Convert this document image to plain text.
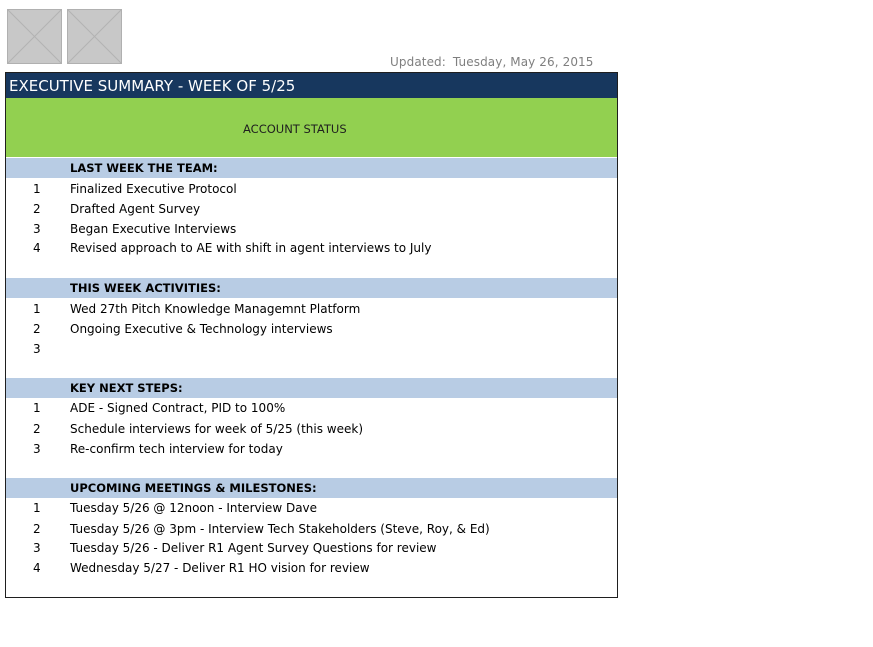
Updated: Tuesday, May 26, 2015
EXECUTIVE SUMMARY - WEEK OF 5/25
ACCOUNT STATUS
LAST WEEK THE TEAM:
1 Finalized Executive Protocol
2 Drafted Agent Survey
3 Began Executive Interviews
4 Revised approach to AE with shift in agent interviews to July
THIS WEEK ACTIVITIES:
1 Wed 27th Pitch Knowledge Managemnt Platform
2 Ongoing Executive & Technology interviews
3
KEY NEXT STEPS:
1 ADE - Signed Contract, PID to 100%
2 Schedule interviews for week of 5/25 (this week)
3 Re-confirm tech interview for today
UPCOMING MEETINGS & MILESTONES:
1 Tuesday 5/26 @ 12noon - Interview Dave
2 Tuesday 5/26 @ 3pm - Interview Tech Stakeholders (Steve, Roy, & Ed)
3 Tuesday 5/26 - Deliver R1 Agent Survey Questions for review
4 Wednesday 5/27 - Deliver R1 HO vision for review
